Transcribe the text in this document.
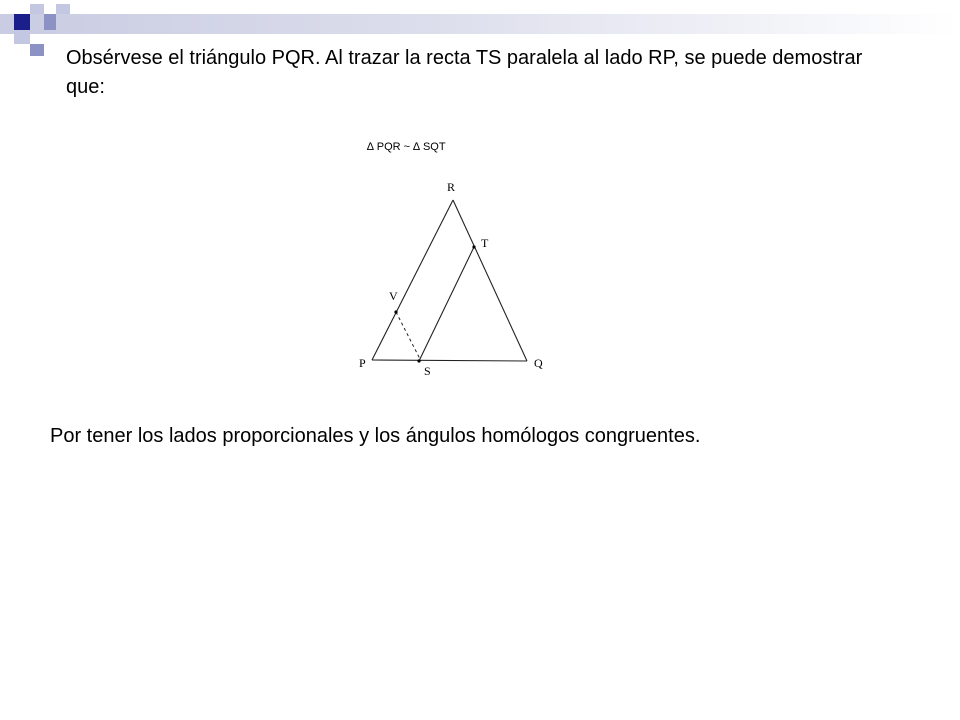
Obsérvese el triángulo PQR. Al trazar la recta TS paralela al lado RP, se puede demostrar que:

∆ PQR ~ ∆ SQT
R
T
V
P
S
Q

Por tener los lados proporcionales y los ángulos homólogos congruentes.
